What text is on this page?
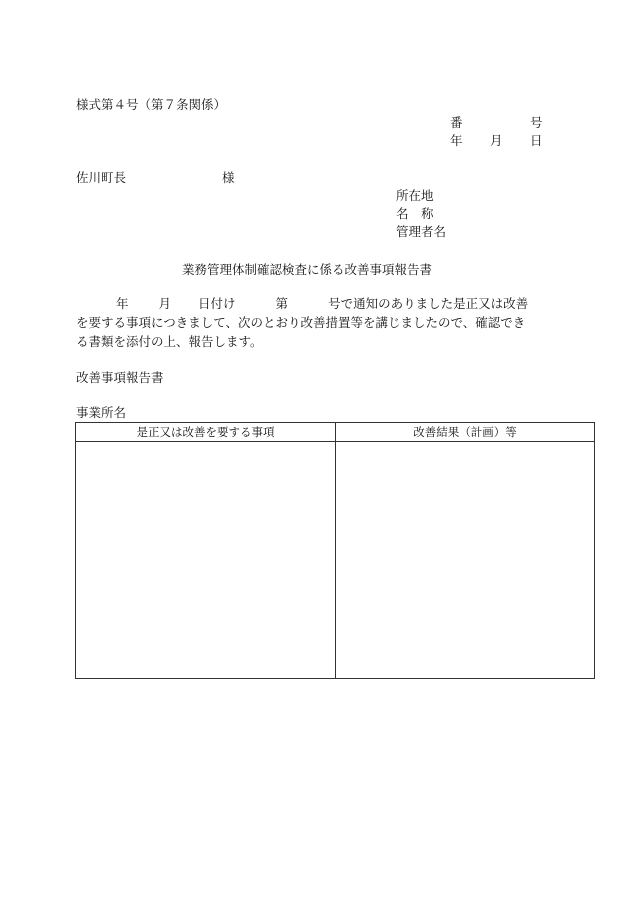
様式第４号（第７条関係）
番	号
年 月 日
佐川町長	様
所在地
名　称
管理者名
業務管理体制確認検査に係る改善事項報告書
年 月 日付け	第	号で通知のありました是正又は改善
を要する事項につきまして、次のとおり改善措置等を講じましたので、確認でき
る書類を添付の上、報告します。
改善事項報告書
事業所名
是正又は改善を要する事項	改善結果（計画）等
